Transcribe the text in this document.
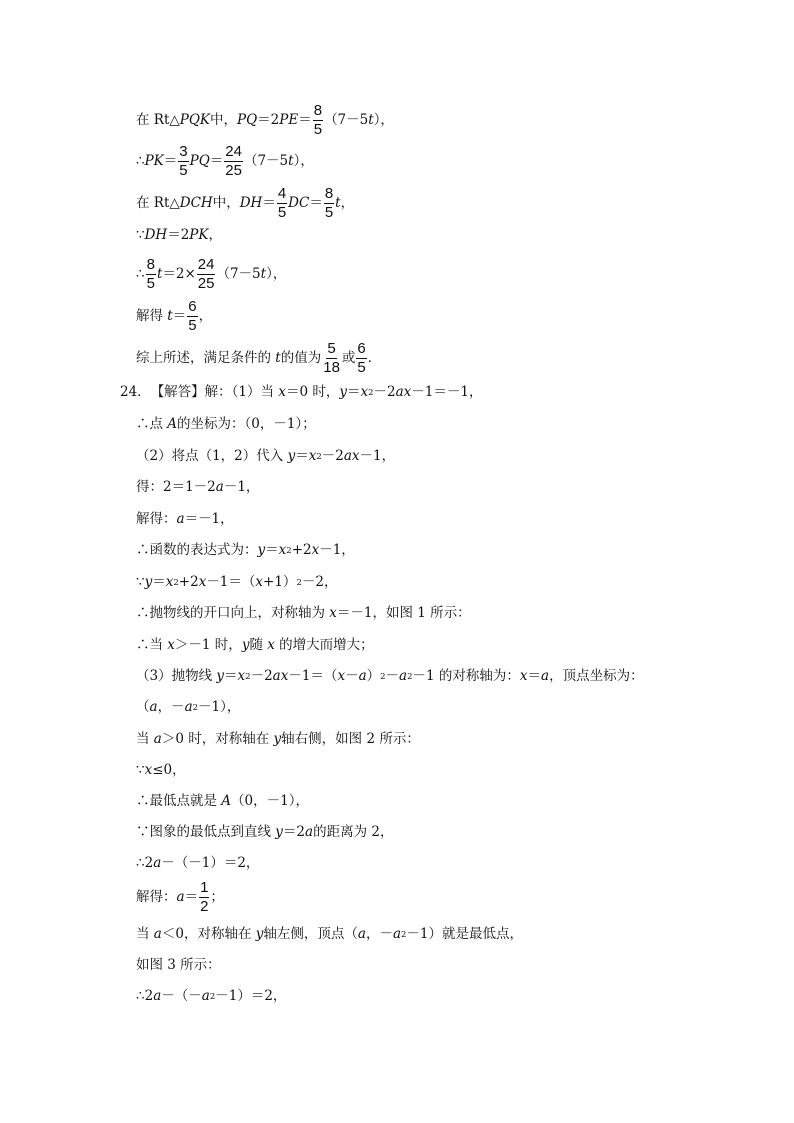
在 Rt△ PQK 中， PQ ＝2 PE ＝ $\frac{8}{5} (7-5$ t ），
∴ PK ＝ $\frac{3}{5}$ PQ ＝ $\frac{24}{25} (7-5$ t ），
在 Rt△ DCH 中， DH ＝ $\frac{4}{5}$ DC ＝ $\frac{8}{5}$ t ，
∵ DH ＝2 PK ，
∴ $\frac{8}{5}$ $t =2\times \frac{24}{25} (7-5$ t ），
解得 $t = \frac{6}{5}$ ，
综上所述，满足条件的 t 的值为 $\frac{5}{18}$ 或 $\frac{6}{5}$ ．
24． 【解答】解：（1）当 x ＝0 时， y ＝ x 2 －2 ax －1＝－1，
∴点 A 的坐标为：（0，－1）；
（2）将点（1，2）代入 y ＝ x 2 －2 ax －1，
得：2＝1－2 a －1，
解得： a ＝－1，
∴函数的表达式为： y ＝ x 2 +2 x －1，
∵ y ＝ x 2 +2 x －1＝（ x +1） 2 －2，
∴抛物线的开口向上，对称轴为 x ＝－1，如图 1 所示：
∴当 x ＞－1 时， y 随 x 的增大而增大；
（3）抛物线 y ＝ x 2 －2 ax －1＝（ x － a ） 2 － a 2 －1 的对称轴为： x ＝ a ，顶点坐标为：
（ a ，－ a 2 －1），
当 a ＞0 时，对称轴在 y 轴右侧，如图 2 所示：
∵ x ≤0，
∴最低点就是 A （0，－1），
∵图象的最低点到直线 y ＝2 a 的距离为 2，
∴2 a －（－1）＝2，
解得： $a = \frac{1}{2}$ ；
当 a ＜0，对称轴在 y 轴左侧，顶点（ a ，－ a 2 －1）就是最低点，
如图 3 所示：
∴2 a －（－ a 2 －1）＝2，
